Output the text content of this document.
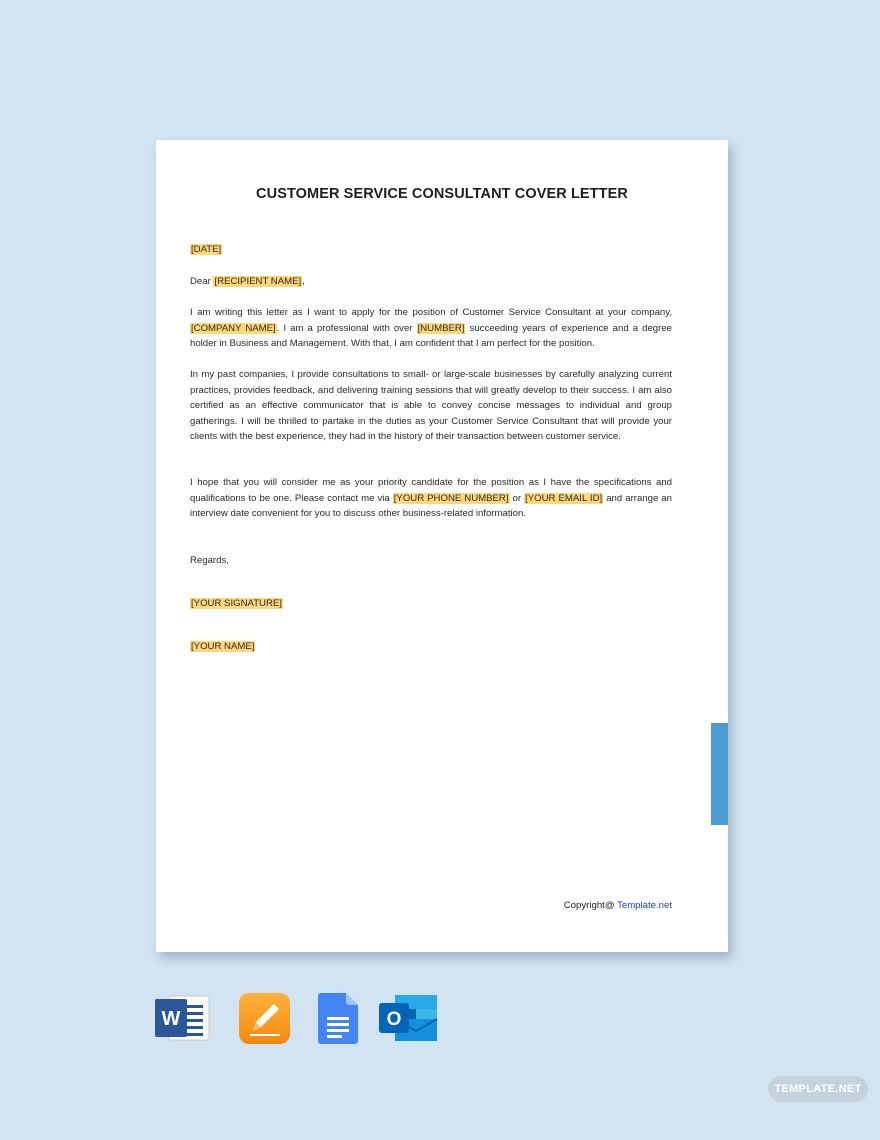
CUSTOMER SERVICE CONSULTANT COVER LETTER
[DATE]
Dear [RECIPIENT NAME],

I am writing this letter as I want to apply for the position of Customer Service Consultant at your company, [COMPANY NAME]. I am a professional with over [NUMBER] succeeding years of experience and a degree holder in Business and Management. With that, I am confident that I am perfect for the position.

In my past companies, I provide consultations to small- or large-scale businesses by carefully analyzing current practices, provides feedback, and delivering training sessions that will greatly develop to their success. I am also certified as an effective communicator that is able to convey concise messages to individual and group gatherings. I will be thrilled to partake in the duties as your Customer Service Consultant that will provide your clients with the best experience, they had in the history of their transaction between customer service.

I hope that you will consider me as your priority candidate for the position as I have the specifications and qualifications to be one. Please contact me via [YOUR PHONE NUMBER] or [YOUR EMAIL ID] and arrange an interview date convenient for you to discuss other business-related information.

Regards,
[YOUR SIGNATURE]
[YOUR NAME]
Copyright@ Template.net
W	O
TEMPLATE.NET
